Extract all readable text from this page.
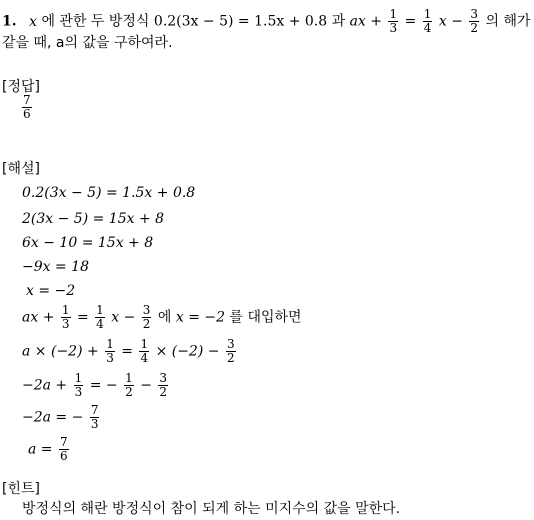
1. x 에 관한 두 방정식 0.2(3x − 5) = 1.5x + 0.8 과 ax + $\frac{1}{3} = \frac{1}{4}$ $x - \frac{3}{2}$ 의 해가
같을 때, a의 값을 구하여라.
[정답]
$\frac{7}{6}$
[해설]
0.2(3x − 5) = 1.5x + 0.8
2(3x − 5) = 15x + 8
6x − 10 = 15x + 8
−9x = 18
x = −2
ax + $\frac{1}{3} = \frac{1}{4}$ $x - \frac{3}{2}$ 에 x = −2 를 대입하면
$a \times (-2) + \frac{1}{3} = \frac{1}{4} \times (-2) - \frac{3}{2}$
$-2a + \frac{1}{3}$ = − $\frac{1}{2} - \frac{3}{2}$
−2a = − $\frac{7}{3}$
$a = \frac{7}{6}$
[힌트]
방정식의 해란 방정식이 참이 되게 하는 미지수의 값을 말한다.
